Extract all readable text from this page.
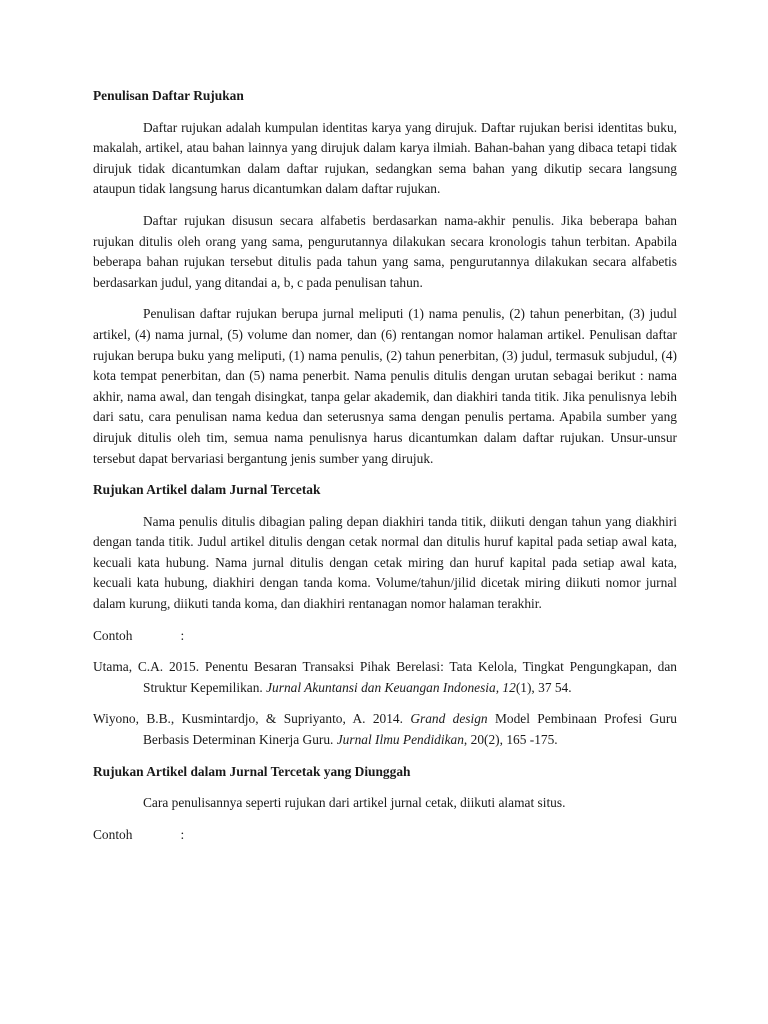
Penulisan Daftar Rujukan

Daftar rujukan adalah kumpulan identitas karya yang dirujuk. Daftar rujukan berisi identitas buku, makalah, artikel, atau bahan lainnya yang dirujuk dalam karya ilmiah. Bahan-bahan yang dibaca tetapi tidak dirujuk tidak dicantumkan dalam daftar rujukan, sedangkan sema bahan yang dikutip secara langsung ataupun tidak langsung harus dicantumkan dalam daftar rujukan.

Daftar rujukan disusun secara alfabetis berdasarkan nama-akhir penulis. Jika beberapa bahan rujukan ditulis oleh orang yang sama, pengurutannya dilakukan secara kronologis tahun terbitan. Apabila beberapa bahan rujukan tersebut ditulis pada tahun yang sama, pengurutannya dilakukan secara alfabetis berdasarkan judul, yang ditandai a, b, c pada penulisan tahun.

Penulisan daftar rujukan berupa jurnal meliputi (1) nama penulis, (2) tahun penerbitan, (3) judul artikel, (4) nama jurnal, (5) volume dan nomer, dan (6) rentangan nomor halaman artikel. Penulisan daftar rujukan berupa buku yang meliputi, (1) nama penulis, (2) tahun penerbitan, (3) judul, termasuk subjudul, (4) kota tempat penerbitan, dan (5) nama penerbit. Nama penulis ditulis dengan urutan sebagai berikut : nama akhir, nama awal, dan tengah disingkat, tanpa gelar akademik, dan diakhiri tanda titik. Jika penulisnya lebih dari satu, cara penulisan nama kedua dan seterusnya sama dengan penulis pertama. Apabila sumber yang dirujuk ditulis oleh tim, semua nama penulisnya harus dicantumkan dalam daftar rujukan. Unsur-unsur tersebut dapat bervariasi bergantung jenis sumber yang dirujuk.

Rujukan Artikel dalam Jurnal Tercetak

Nama penulis ditulis dibagian paling depan diakhiri tanda titik, diikuti dengan tahun yang diakhiri dengan tanda titik. Judul artikel ditulis dengan cetak normal dan ditulis huruf kapital pada setiap awal kata, kecuali kata hubung. Nama jurnal ditulis dengan cetak miring dan huruf kapital pada setiap awal kata, kecuali kata hubung, diakhiri dengan tanda koma. Volume/tahun/jilid dicetak miring diikuti nomor jurnal dalam kurung, diikuti tanda koma, dan diakhiri rentanagan nomor halaman terakhir.

Contoh	:

Utama, C.A. 2015. Penentu Besaran Transaksi Pihak Berelasi: Tata Kelola, Tingkat Pengungkapan, dan Struktur Kepemilikan. Jurnal Akuntansi dan Keuangan Indonesia, 12(1), 37 54.

Wiyono, B.B., Kusmintardjo, & Supriyanto, A. 2014. Grand design Model Pembinaan Profesi Guru Berbasis Determinan Kinerja Guru. Jurnal Ilmu Pendidikan, 20(2), 165 -175.

Rujukan Artikel dalam Jurnal Tercetak yang Diunggah

Cara penulisannya seperti rujukan dari artikel jurnal cetak, diikuti alamat situs.

Contoh	:
